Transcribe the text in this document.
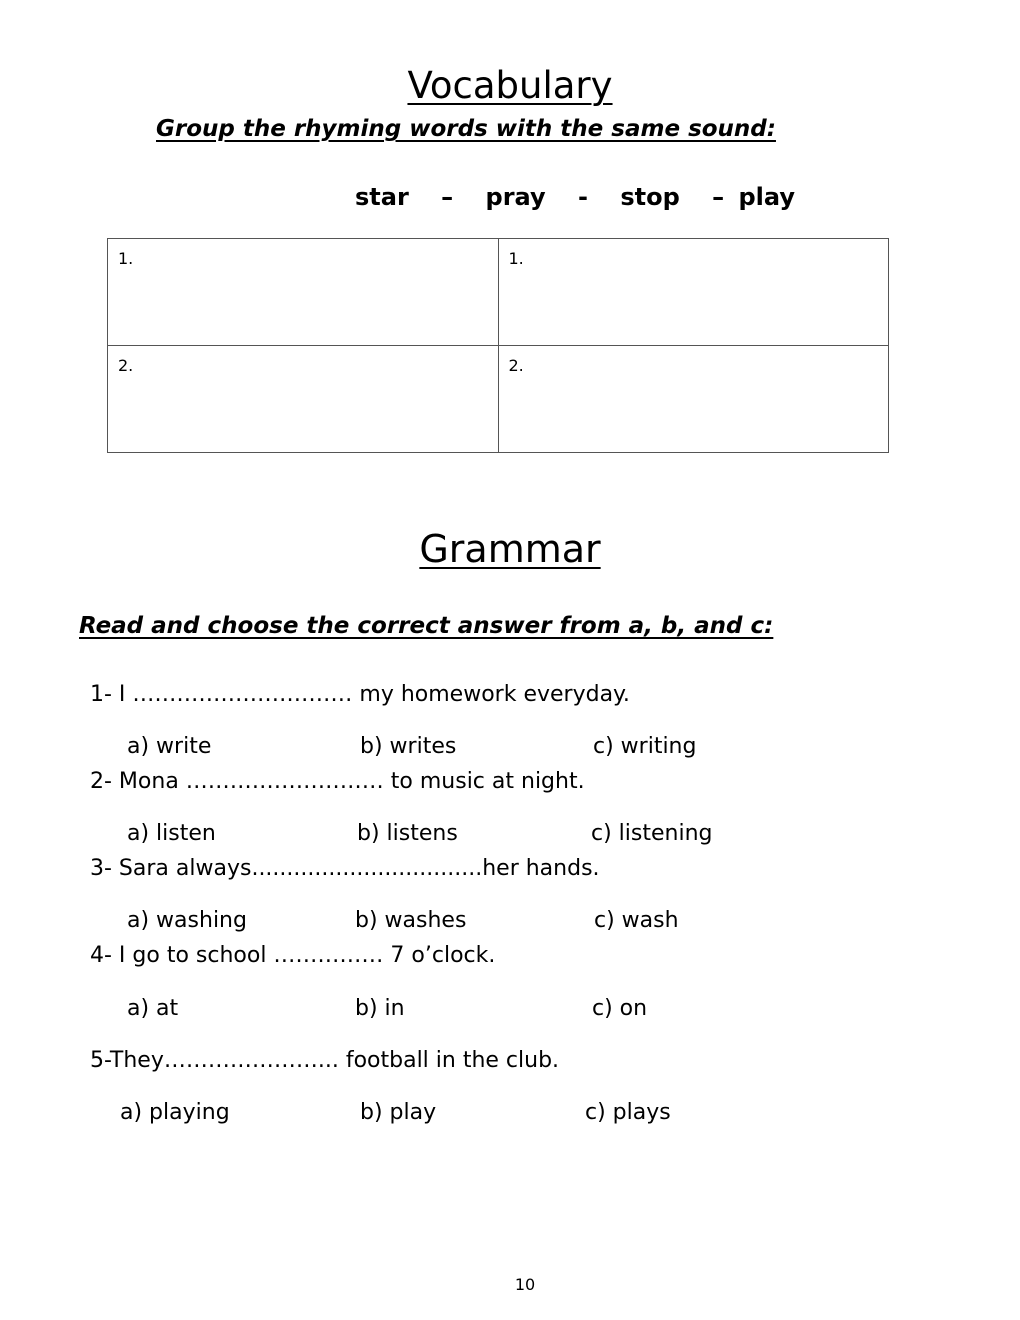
Vocabulary
Group the rhyming words with the same sound:
star – pray - stop – play
1.	1.
2.	2.
Grammar
Read and choose the correct answer from a, b, and c:
1- I ………………………… my homework everyday.
a) write	b) writes	c) writing
2- Mona ……………………… to music at night.
a) listen	b) listens	c) listening
3- Sara always.................................her hands.
a) washing	b) washes	c) wash
4- I go to school …………… 7 o’clock.
a) at	b) in	c) on
5-They…………………... football in the club.
a) playing	b) play	c) plays
10
